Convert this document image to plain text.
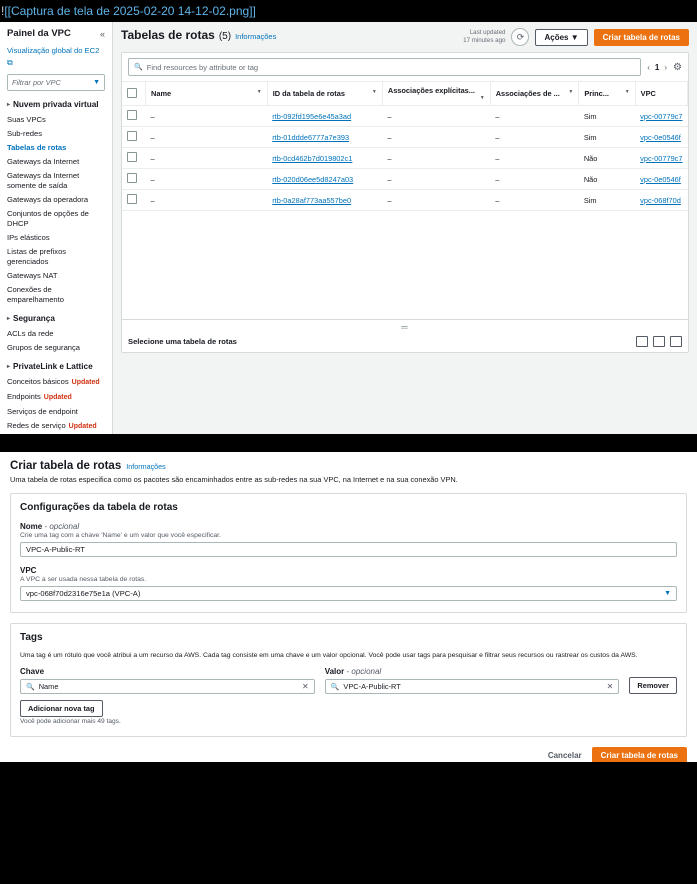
![[Captura de tela de 2025-02-20 14-12-02.png]]
Painel da VPC	«
Visualização global do EC2
⧉
Filtrar por VPC	▼
▸ Nuvem privada virtual
Suas VPCs
Sub-redes
Tabelas de rotas
Gateways da Internet
Gateways da Internet somente de saída
Gateways da operadora
Conjuntos de opções de DHCP
IPs elásticos
Listas de prefixos gerenciados
Gateways NAT
Conexões de emparelhamento
▸ Segurança
ACLs da rede
Grupos de segurança
▸ PrivateLink e Lattice
Conceitos básicos Updated
Endpoints Updated
Serviços de endpoint
Redes de serviço Updated
Tabelas de rotas (5) Informações	Last updated
17 minutes ago	⟳	Ações ▼	Criar tabela de rotas
🔍 Find resources by attribute or tag	‹ 1 › ⚙
	Name ▼	ID da tabela de rotas ▼	Associações explícitas... ▼	Associações de ... ▼	Princ... ▼	VPC
	–	rtb-092fd195e6e45a3ad	–	–	Sim	vpc-00779c7
	–	rtb-01ddde6777a7e393	–	–	Sim	vpc-0e0546f
	–	rtb-0cd462b7d019802c1	–	–	Não	vpc-00779c7
	–	rtb-020d06ee5d8247a03	–	–	Não	vpc-0e0546f
	–	rtb-0a28af773aa557be0	–	–	Sim	vpc-068f70d
═
Selecione uma tabela de rotas
Criar tabela de rotas Informações
Uma tabela de rotas especifica como os pacotes são encaminhados entre as sub-redes na sua VPC, na Internet e na sua conexão VPN.
Configurações da tabela de rotas
Nome - opcional
Crie uma tag com a chave 'Name' e um valor que você especificar.
VPC-A-Public-RT
VPC
A VPC a ser usada nessa tabela de rotas.
vpc-068f70d2316e75e1a (VPC-A)	▼
Tags
Uma tag é um rótulo que você atribui a um recurso da AWS. Cada tag consiste em uma chave e um valor opcional. Você pode usar tags para pesquisar e filtrar seus recursos ou rastrear os custos da AWS.
Chave
🔍 Name	✕
Valor - opcional
🔍 VPC-A-Public-RT	✕	Remover
Adicionar nova tag
Você pode adicionar mais 49 tags.
Cancelar	Criar tabela de rotas
